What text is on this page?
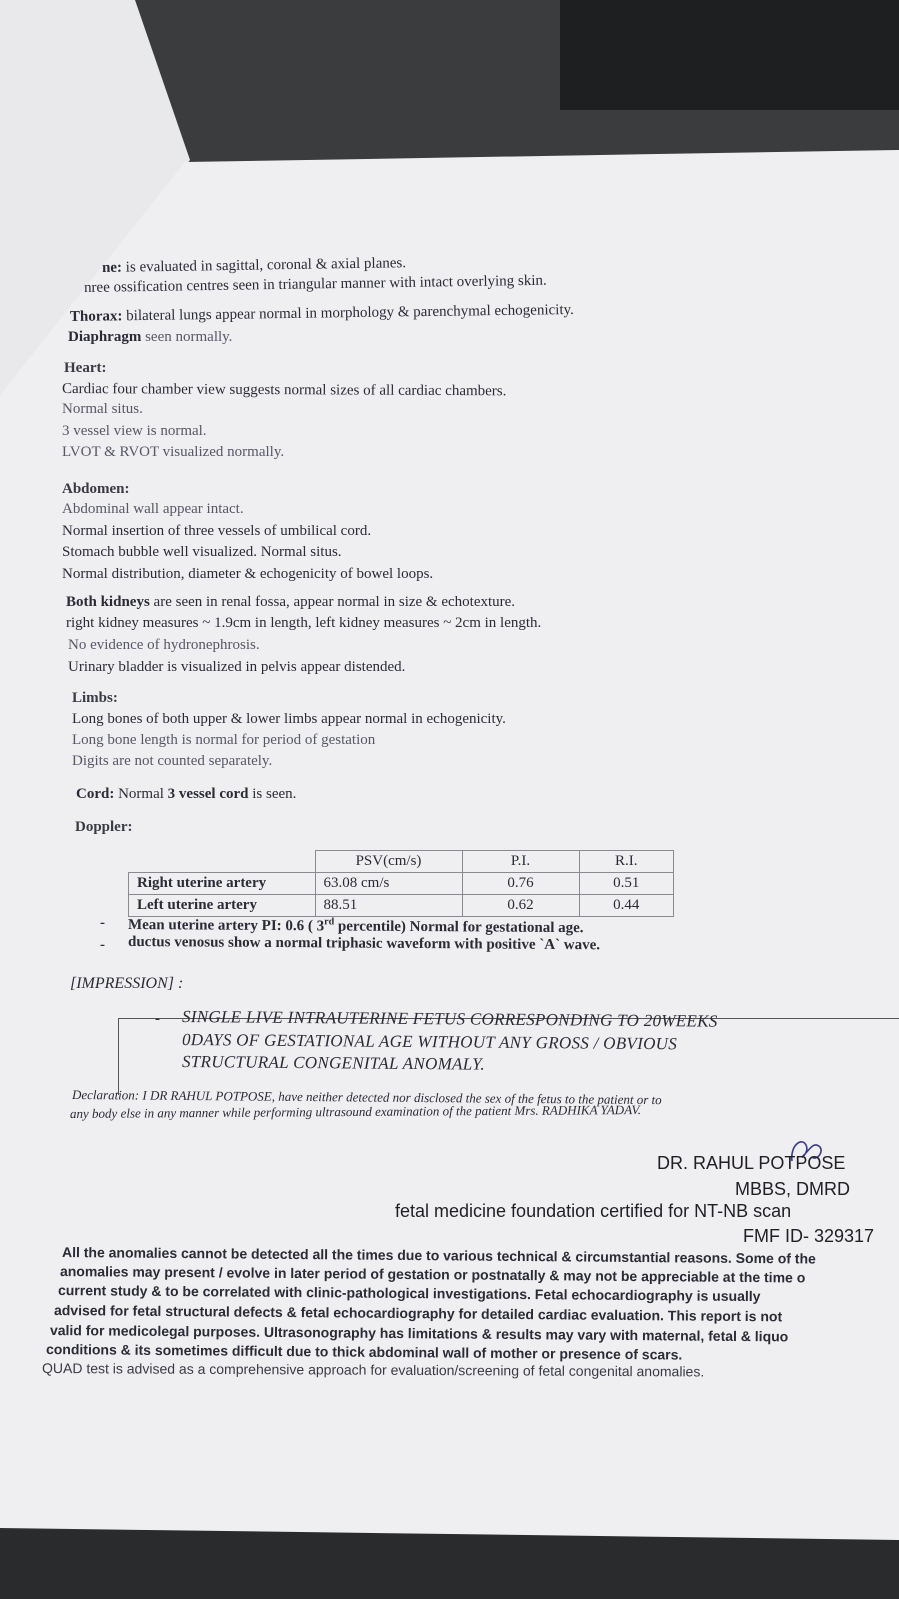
ne: is evaluated in sagittal, coronal & axial planes.
nree ossification centres seen in triangular manner with intact overlying skin.
Thorax: bilateral lungs appear normal in morphology & parenchymal echogenicity.
Diaphragm seen normally.
Heart:
Cardiac four chamber view suggests normal sizes of all cardiac chambers.
Normal situs.
3 vessel view is normal.
LVOT & RVOT visualized normally.
Abdomen:
Abdominal wall appear intact.
Normal insertion of three vessels of umbilical cord.
Stomach bubble well visualized. Normal situs.
Normal distribution, diameter & echogenicity of bowel loops.
Both kidneys are seen in renal fossa, appear normal in size & echotexture.
right kidney measures ~ 1.9cm in length, left kidney measures ~ 2cm in length.
No evidence of hydronephrosis.
Urinary bladder is visualized in pelvis appear distended.
Limbs:
Long bones of both upper & lower limbs appear normal in echogenicity.
Long bone length is normal for period of gestation
Digits are not counted separately.
Cord: Normal 3 vessel cord is seen.
Doppler:
	PSV(cm/s)	P.I.	R.I.
Right uterine artery	63.08 cm/s	0.76	0.51
Left uterine artery	88.51	0.62	0.44
- Mean uterine artery PI: 0.6 ( 3rd percentile) Normal for gestational age.
- ductus venosus show a normal triphasic waveform with positive `A` wave.
[IMPRESSION] :
- SINGLE LIVE INTRAUTERINE FETUS CORRESPONDING TO 20WEEKS
0DAYS OF GESTATIONAL AGE WITHOUT ANY GROSS / OBVIOUS
STRUCTURAL CONGENITAL ANOMALY.
Declaration: I DR RAHUL POTPOSE, have neither detected nor disclosed the sex of the fetus to the patient or to
any body else in any manner while performing ultrasound examination of the patient Mrs. RADHIKA YADAV.
DR. RAHUL POTPOSE
MBBS, DMRD
fetal medicine foundation certified for NT-NB scan
FMF ID- 329317
All the anomalies cannot be detected all the times due to various technical & circumstantial reasons. Some of the
anomalies may present / evolve in later period of gestation or postnatally & may not be appreciable at the time o
current study & to be correlated with clinic-pathological investigations. Fetal echocardiography is usually
advised for fetal structural defects & fetal echocardiography for detailed cardiac evaluation. This report is not
valid for medicolegal purposes. Ultrasonography has limitations & results may vary with maternal, fetal & liquo
conditions & its sometimes difficult due to thick abdominal wall of mother or presence of scars.
QUAD test is advised as a comprehensive approach for evaluation/screening of fetal congenital anomalies.
